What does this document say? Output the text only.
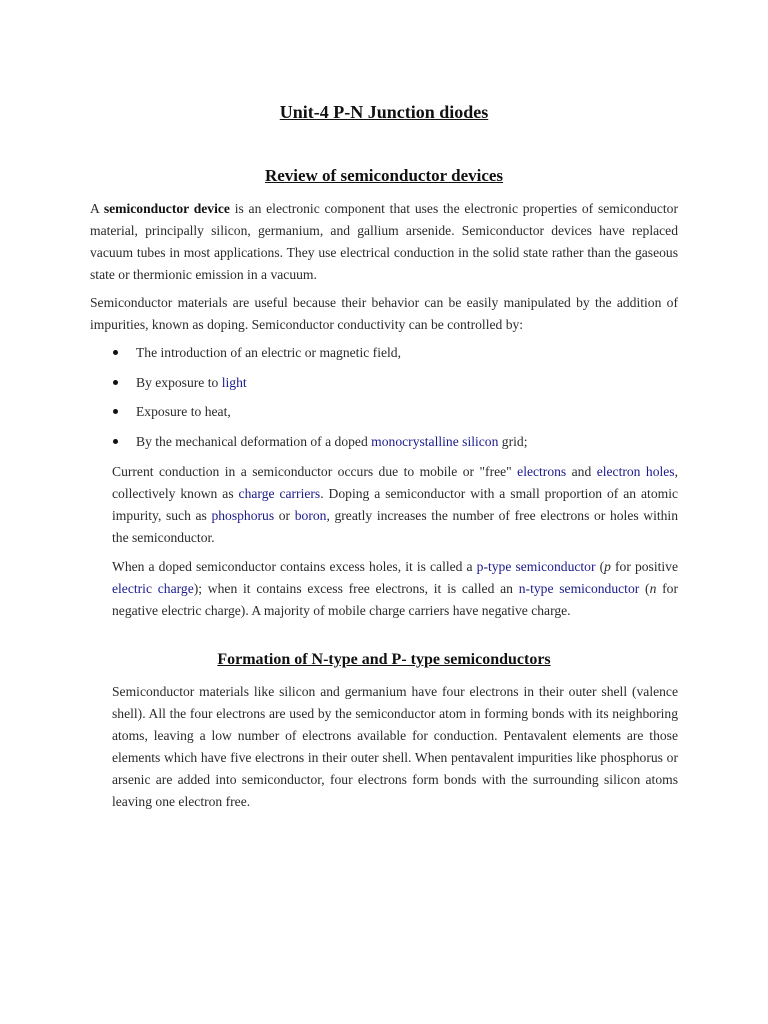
Unit-4 P-N Junction diodes
Review of semiconductor devices

A semiconductor device is an electronic component that uses the electronic properties of semiconductor material, principally silicon, germanium, and gallium arsenide. Semiconductor devices have replaced vacuum tubes in most applications. They use electrical conduction in the solid state rather than the gaseous state or thermionic emission in a vacuum.

Semiconductor materials are useful because their behavior can be easily manipulated by the addition of impurities, known as doping. Semiconductor conductivity can be controlled by:

The introduction of an electric or magnetic field,
By exposure to light
Exposure to heat,
By the mechanical deformation of a doped monocrystalline silicon grid;

Current conduction in a semiconductor occurs due to mobile or "free" electrons and electron holes, collectively known as charge carriers. Doping a semiconductor with a small proportion of an atomic impurity, such as phosphorus or boron, greatly increases the number of free electrons or holes within the semiconductor.

When a doped semiconductor contains excess holes, it is called a p-type semiconductor (p for positive electric charge); when it contains excess free electrons, it is called an n-type semiconductor (n for negative electric charge). A majority of mobile charge carriers have negative charge.

Formation of N-type and P- type semiconductors

Semiconductor materials like silicon and germanium have four electrons in their outer shell (valence shell). All the four electrons are used by the semiconductor atom in forming bonds with its neighboring atoms, leaving a low number of electrons available for conduction. Pentavalent elements are those elements which have five electrons in their outer shell. When pentavalent impurities like phosphorus or arsenic are added into semiconductor, four electrons form bonds with the surrounding silicon atoms leaving one electron free.
